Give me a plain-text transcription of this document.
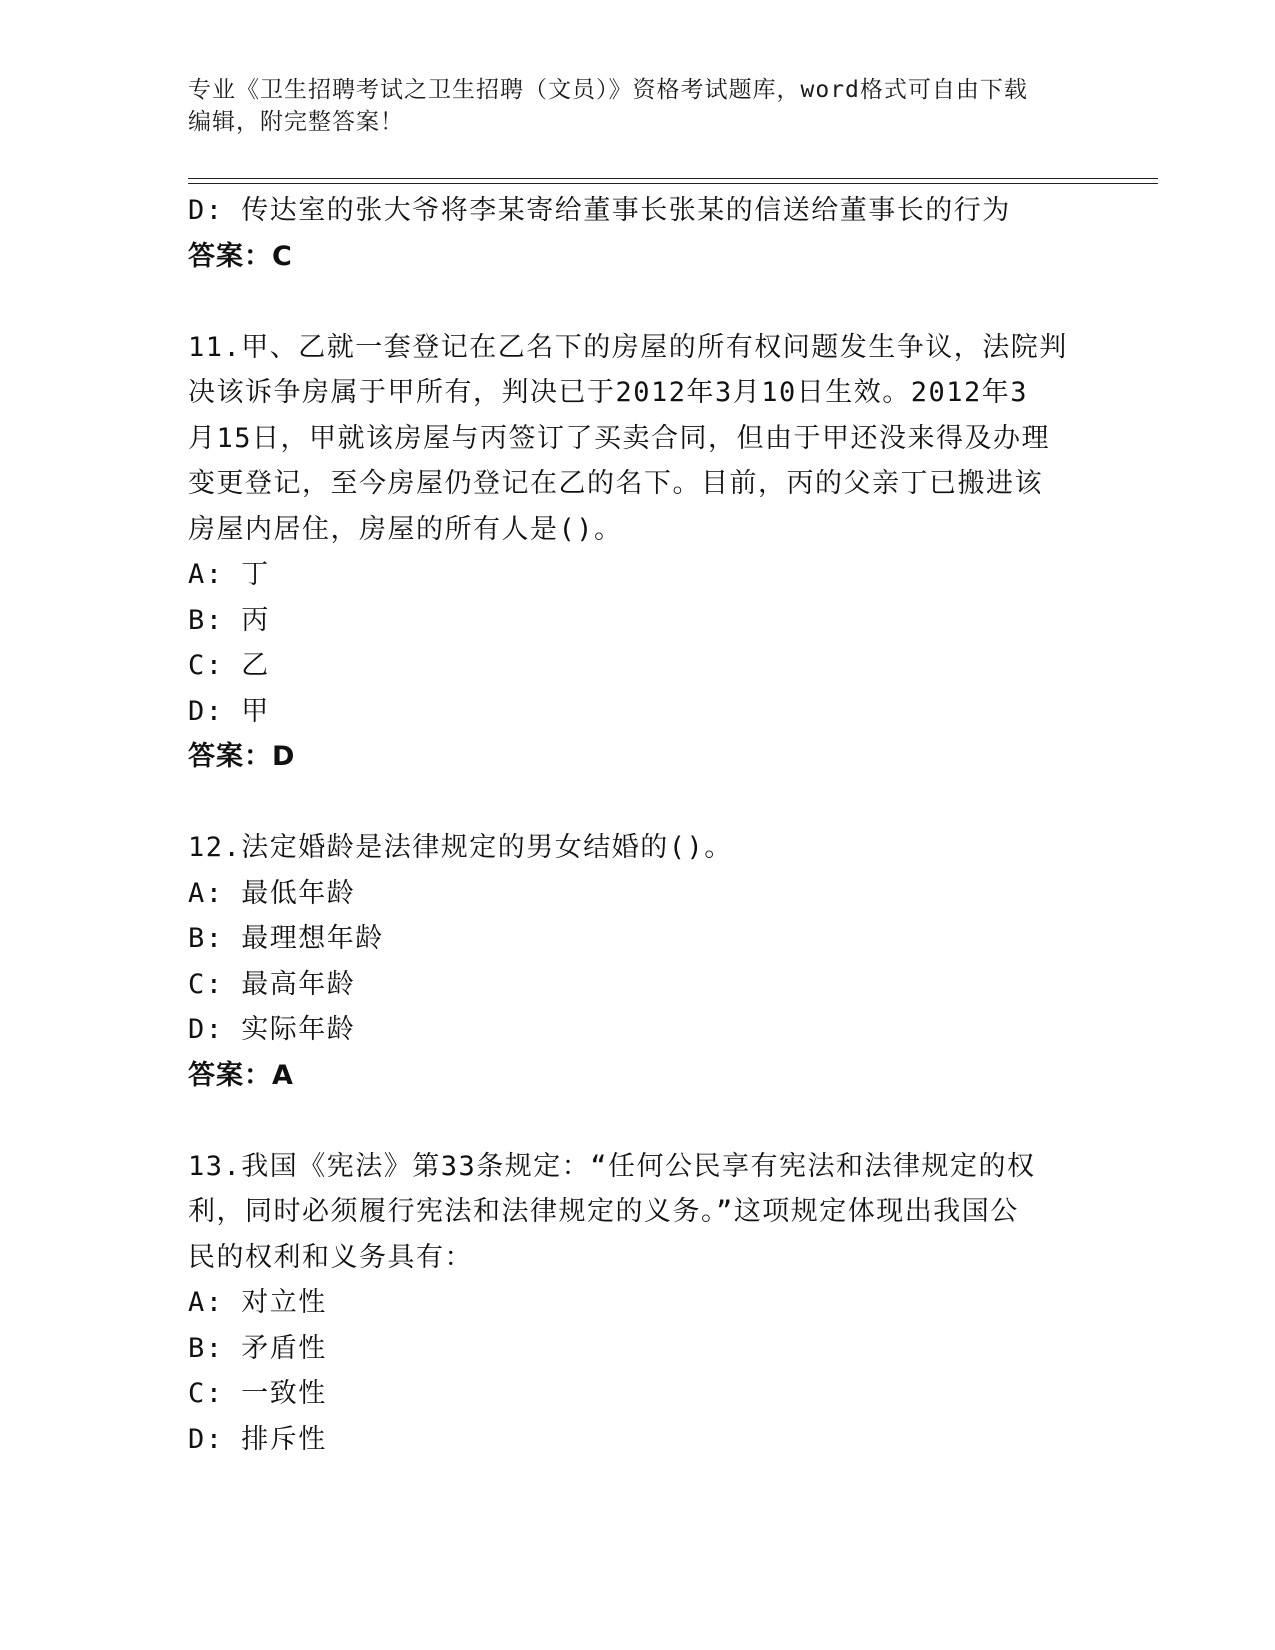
专业《卫生招聘考试之卫生招聘（文员）》资格考试题库，word格式可自由下载
编辑，附完整答案！
D: 传达室的张大爷将李某寄给董事长张某的信送给董事长的行为
答案：C
11.甲、乙就一套登记在乙名下的房屋的所有权问题发生争议，法院判
决该诉争房属于甲所有，判决已于2012年3月10日生效。2012年3
月15日，甲就该房屋与丙签订了买卖合同，但由于甲还没来得及办理
变更登记，至今房屋仍登记在乙的名下。目前，丙的父亲丁已搬进该
房屋内居住，房屋的所有人是()。
A: 丁
B: 丙
C: 乙
D: 甲
答案：D
12.法定婚龄是法律规定的男女结婚的()。
A: 最低年龄
B: 最理想年龄
C: 最高年龄
D: 实际年龄
答案：A
13.我国《宪法》第33条规定：“任何公民享有宪法和法律规定的权
利，同时必须履行宪法和法律规定的义务。”这项规定体现出我国公
民的权利和义务具有：
A: 对立性
B: 矛盾性
C: 一致性
D: 排斥性
